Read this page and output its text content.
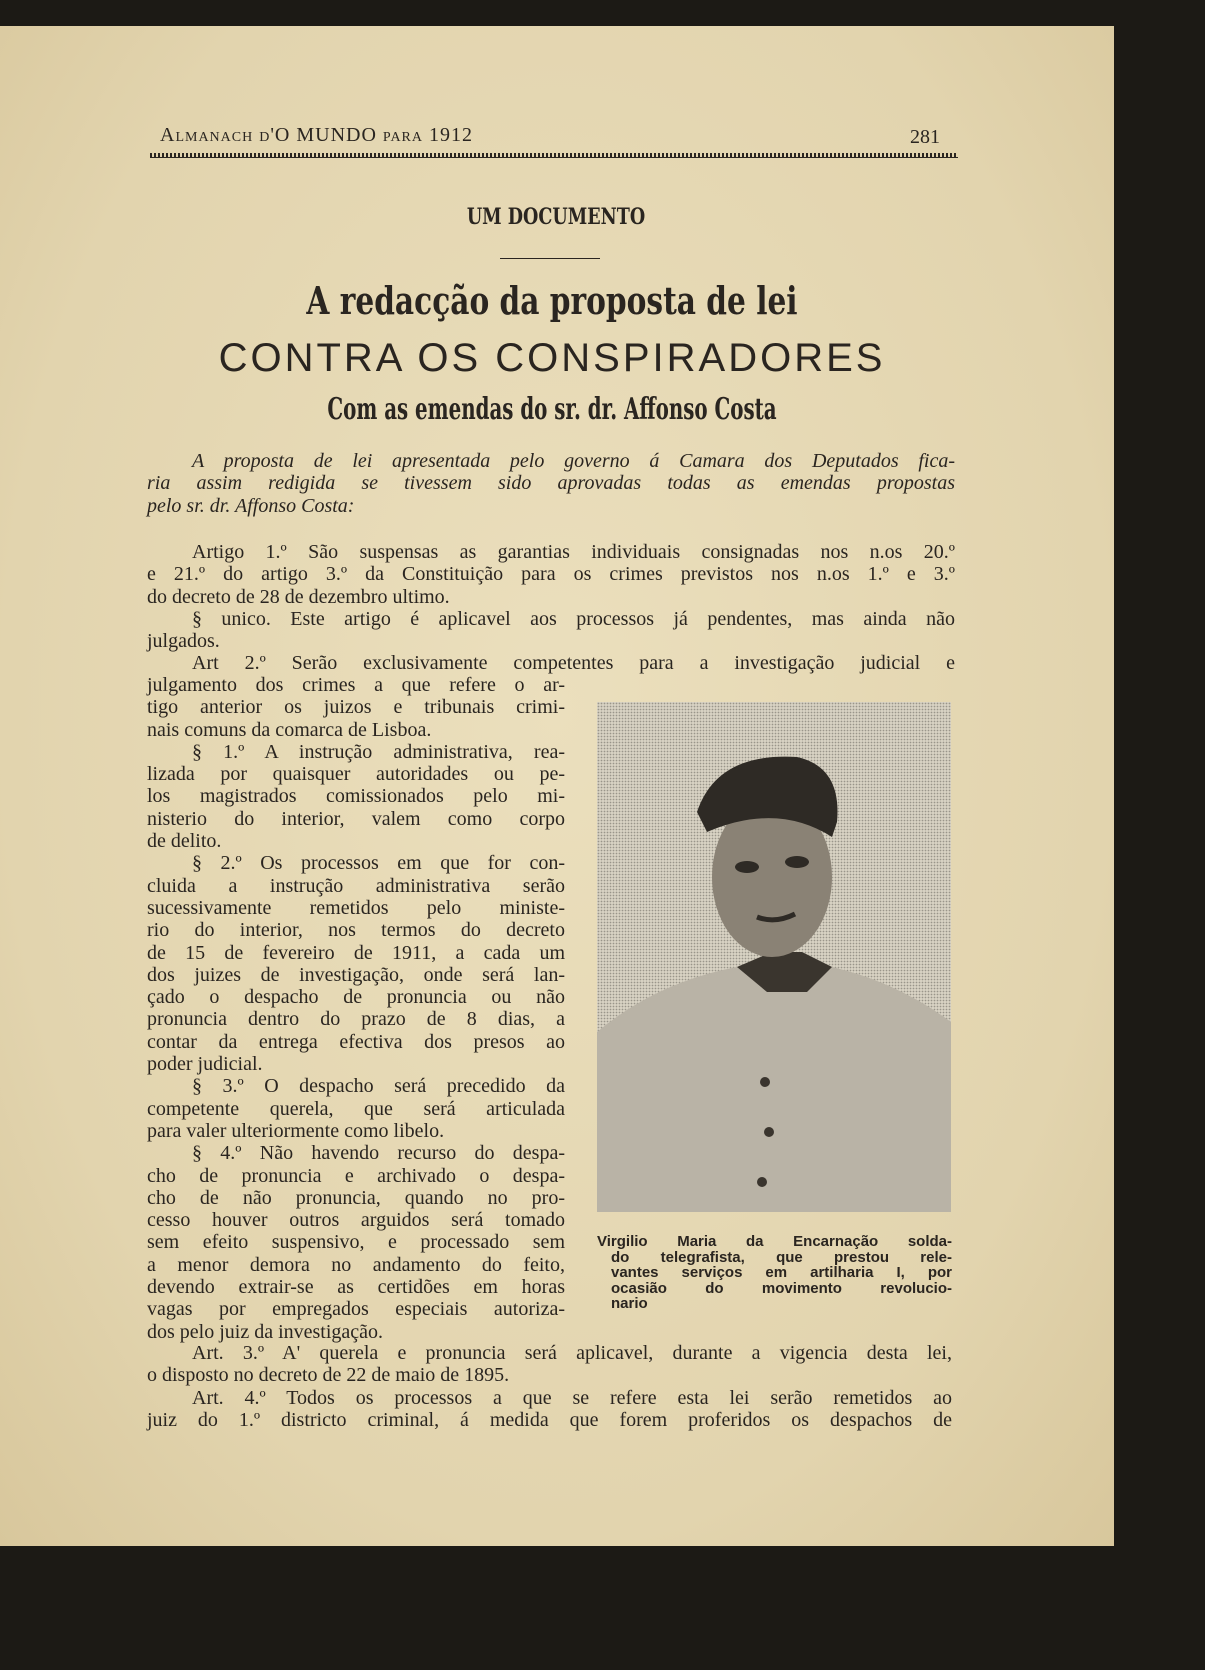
Almanach d'O MUNDO para 1912	281
UM DOCUMENTO
A redacção da proposta de lei
CONTRA OS CONSPIRADORES
Com as emendas do sr. dr. Affonso Costa
A proposta de lei apresentada pelo governo á Camara dos Deputados fica-
ria assim redigida se tivessem sido aprovadas todas as emendas propostas
pelo sr. dr. Affonso Costa:
Artigo 1.º São suspensas as garantias individuais consignadas nos n.os 20.º
e 21.º do artigo 3.º da Constituição para os crimes previstos nos n.os 1.º e 3.º
do decreto de 28 de dezembro ultimo.
§ unico. Este artigo é aplicavel aos processos já pendentes, mas ainda não
julgados.
Art 2.º Serão exclusivamente competentes para a investigação judicial e
julgamento dos crimes a que refere o ar-
tigo anterior os juizos e tribunais crimi-
nais comuns da comarca de Lisboa.
§ 1.º A instrução administrativa, rea-
lizada por quaisquer autoridades ou pe-
los magistrados comissionados pelo mi-
nisterio do interior, valem como corpo
de delito.
§ 2.º Os processos em que for con-
cluida a instrução administrativa serão
sucessivamente remetidos pelo ministe-
rio do interior, nos termos do decreto
de 15 de fevereiro de 1911, a cada um
dos juizes de investigação, onde será lan-
çado o despacho de pronuncia ou não
pronuncia dentro do prazo de 8 dias, a
contar da entrega efectiva dos presos ao
poder judicial.
§ 3.º O despacho será precedido da
competente querela, que será articulada
para valer ulteriormente como libelo.
§ 4.º Não havendo recurso do despa-
cho de pronuncia e archivado o despa-
cho de não pronuncia, quando no pro-
cesso houver outros arguidos será tomado
sem efeito suspensivo, e processado sem
a menor demora no andamento do feito,
devendo extrair-se as certidões em horas
vagas por empregados especiais autoriza-
dos pelo juiz da investigação.
Art. 3.º A' querela e pronuncia será aplicavel, durante a vigencia desta lei,
o disposto no decreto de 22 de maio de 1895.
Art. 4.º Todos os processos a que se refere esta lei serão remetidos ao
juiz do 1.º districto criminal, á medida que forem proferidos os despachos de
Virgilio Maria da Encarnação solda-
do telegrafista, que prestou rele-
vantes serviços em artilharia I, por
ocasião do movimento revolucio-
nario
